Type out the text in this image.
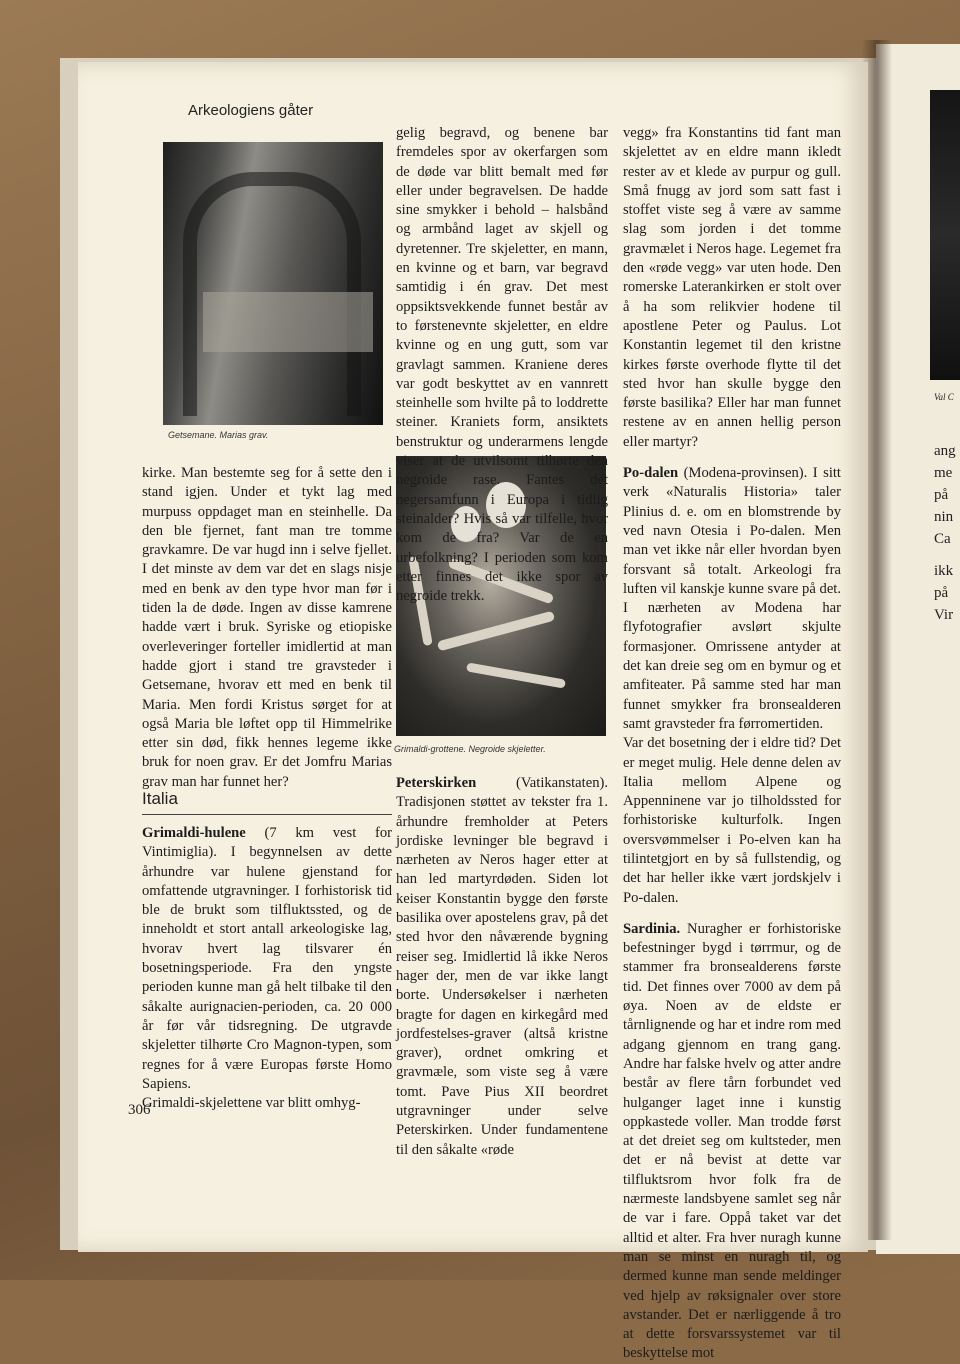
Val C
ang
me
på
nin
Ca
ikk
på
Vir
Arkeologiens gåter
Getsemane. Marias grav.
Grimaldi-grottene. Negroide skjeletter.

kirke. Man bestemte seg for å sette den i stand igjen. Under et tykt lag med murpuss oppdaget man en steinhelle. Da den ble fjernet, fant man tre tomme gravkamre. De var hugd inn i selve fjellet. I det minste av dem var det en slags nisje med en benk av den type hvor man før i tiden la de døde. Ingen av disse kamrene hadde vært i bruk. Syriske og etiopiske overleveringer forteller imidlertid at man hadde gjort i stand tre gravsteder i Getsemane, hvorav ett med en benk til Maria. Men fordi Kristus sørget for at også Maria ble løftet opp til Himmelrike etter sin død, fikk hennes legeme ikke bruk for noen grav. Er det Jomfru Marias grav man har funnet her?

Italia

Grimaldi-hulene (7 km vest for Vintimiglia). I begynnelsen av dette århundre var hulene gjenstand for omfattende utgravninger. I forhistorisk tid ble de brukt som tilfluktssted, og de inneholdt et stort antall arkeologiske lag, hvorav hvert lag tilsvarer én bosetningsperiode. Fra den yngste perioden kunne man gå helt tilbake til den såkalte aurignacien-perioden, ca. 20 000 år før vår tidsregning. De utgravde skjeletter tilhørte Cro Magnon-typen, som regnes for å være Europas første Homo Sapiens.

Grimaldi-skjelettene var blitt omhyg-

gelig begravd, og benene bar fremdeles spor av okerfargen som de døde var blitt bemalt med før eller under begravelsen. De hadde sine smykker i behold – halsbånd og armbånd laget av skjell og dyretenner. Tre skjeletter, en mann, en kvinne og et barn, var begravd samtidig i én grav. Det mest oppsiktsvekkende funnet består av to førstenevnte skjeletter, en eldre kvinne og en ung gutt, som var gravlagt sammen. Kraniene deres var godt beskyttet av en vannrett steinhelle som hvilte på to loddrette steiner. Kraniets form, ansiktets benstruktur og underarmens lengde viser at de utvilsomt tilhørte den negroide rase. Fantes det negersamfunn i Europa i tidlig steinalder? Hvis så var tilfelle, hvor kom de fra? Var de en urbefolkning? I perioden som kom etter finnes det ikke spor av negroide trekk.

Peterskirken (Vatikanstaten). Tradisjonen støttet av tekster fra 1. århundre fremholder at Peters jordiske levninger ble begravd i nærheten av Neros hager etter at han led martyrdøden. Siden lot keiser Konstantin bygge den første basilika over apostelens grav, på det sted hvor den nåværende bygning reiser seg. Imidlertid lå ikke Neros hager der, men de var ikke langt borte. Undersøkelser i nærheten bragte for dagen en kirkegård med jordfestelses-graver (altså kristne graver), ordnet omkring et gravmæle, som viste seg å være tomt. Pave Pius XII beordret utgravninger under selve Peterskirken. Under fundamentene til den såkalte «røde

vegg» fra Konstantins tid fant man skjelettet av en eldre mann ikledt rester av et klede av purpur og gull. Små fnugg av jord som satt fast i stoffet viste seg å være av samme slag som jorden i det tomme gravmælet i Neros hage. Legemet fra den «røde vegg» var uten hode. Den romerske Laterankirken er stolt over å ha som relikvier hodene til apostlene Peter og Paulus. Lot Konstantin legemet til den kristne kirkes første overhode flytte til det sted hvor han skulle bygge den første basilika? Eller har man funnet restene av en annen hellig person eller martyr?

Po-dalen (Modena-provinsen). I sitt verk «Naturalis Historia» taler Plinius d. e. om en blomstrende by ved navn Otesia i Po-dalen. Men man vet ikke når eller hvordan byen forsvant så totalt. Arkeologi fra luften vil kanskje kunne svare på det. I nærheten av Modena har flyfotografier avslørt skjulte formasjoner. Omrissene antyder at det kan dreie seg om en bymur og et amfiteater. På samme sted har man funnet smykker fra bronsealderen samt gravsteder fra førromertiden.

Var det bosetning der i eldre tid? Det er meget mulig. Hele denne delen av Italia mellom Alpene og Appenninene var jo tilholdssted for forhistoriske kulturfolk. Ingen oversvømmelser i Po-elven kan ha tilintetgjort en by så fullstendig, og det har heller ikke vært jordskjelv i Po-dalen.

Sardinia. Nuragher er forhistoriske befestninger bygd i tørrmur, og de stammer fra bronsealderens første tid. Det finnes over 7000 av dem på øya. Noen av de eldste er tårnlignende og har et indre rom med adgang gjennom en trang gang. Andre har falske hvelv og atter andre består av flere tårn forbundet ved hulganger laget inne i kunstig oppkastede voller. Man trodde først at det dreiet seg om kultsteder, men det er nå bevist at dette var tilfluktsrom hvor folk fra de nærmeste landsbyene samlet seg når de var i fare. Oppå taket var det alltid et alter. Fra hver nuragh kunne man se minst en nuragh til, og dermed kunne man sende meldinger ved hjelp av røksignaler over store avstander. Det er nærliggende å tro at dette forsvarssystemet var til beskyttelse mot

306
